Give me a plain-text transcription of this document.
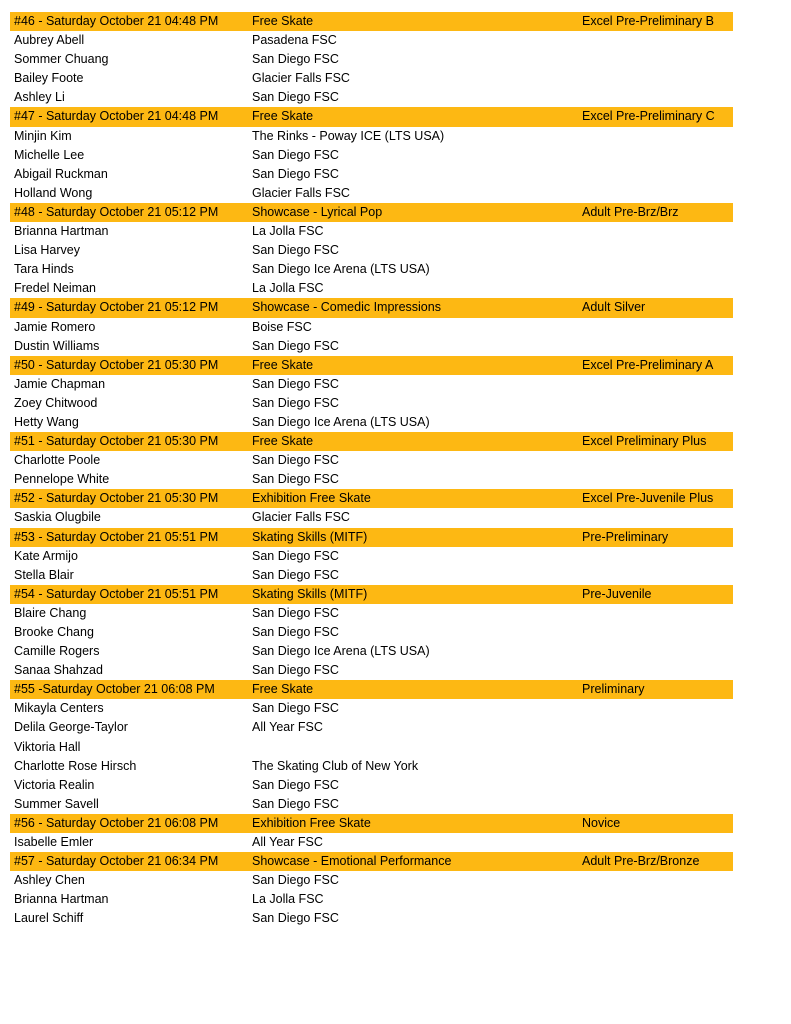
#46 - Saturday October 21 04:48 PM	Free Skate	Excel Pre-Preliminary B
Aubrey Abell	Pasadena FSC
Sommer Chuang	San Diego FSC
Bailey Foote	Glacier Falls FSC
Ashley Li	San Diego FSC
#47 - Saturday October 21 04:48 PM	Free Skate	Excel Pre-Preliminary C
Minjin Kim	The Rinks - Poway ICE (LTS USA)
Michelle Lee	San Diego FSC
Abigail Ruckman	San Diego FSC
Holland Wong	Glacier Falls FSC
#48 - Saturday October 21 05:12 PM	Showcase - Lyrical Pop	Adult Pre-Brz/Brz
Brianna Hartman	La Jolla FSC
Lisa Harvey	San Diego FSC
Tara Hinds	San Diego Ice Arena (LTS USA)
Fredel Neiman	La Jolla FSC
#49 - Saturday October 21 05:12 PM	Showcase - Comedic Impressions	Adult Silver
Jamie Romero	Boise FSC
Dustin Williams	San Diego FSC
#50 - Saturday October 21 05:30 PM	Free Skate	Excel Pre-Preliminary A
Jamie Chapman	San Diego FSC
Zoey Chitwood	San Diego FSC
Hetty Wang	San Diego Ice Arena (LTS USA)
#51 - Saturday October 21 05:30 PM	Free Skate	Excel Preliminary Plus
Charlotte Poole	San Diego FSC
Pennelope White	San Diego FSC
#52 - Saturday October 21 05:30 PM	Exhibition Free Skate	Excel Pre-Juvenile Plus
Saskia Olugbile	Glacier Falls FSC
#53 - Saturday October 21 05:51 PM	Skating Skills (MITF)	Pre-Preliminary
Kate Armijo	San Diego FSC
Stella Blair	San Diego FSC
#54 - Saturday October 21 05:51 PM	Skating Skills (MITF)	Pre-Juvenile
Blaire Chang	San Diego FSC
Brooke Chang	San Diego FSC
Camille Rogers	San Diego Ice Arena (LTS USA)
Sanaa Shahzad	San Diego FSC
#55 -Saturday October 21 06:08 PM	Free Skate	Preliminary
Mikayla Centers	San Diego FSC
Delila George-Taylor	All Year FSC
Viktoria Hall
Charlotte Rose Hirsch	The Skating Club of New York
Victoria Realin	San Diego FSC
Summer Savell	San Diego FSC
#56 - Saturday October 21 06:08 PM	Exhibition Free Skate	Novice
Isabelle Emler	All Year FSC
#57 - Saturday October 21 06:34 PM	Showcase - Emotional Performance	Adult Pre-Brz/Bronze
Ashley Chen	San Diego FSC
Brianna Hartman	La Jolla FSC
Laurel Schiff	San Diego FSC
